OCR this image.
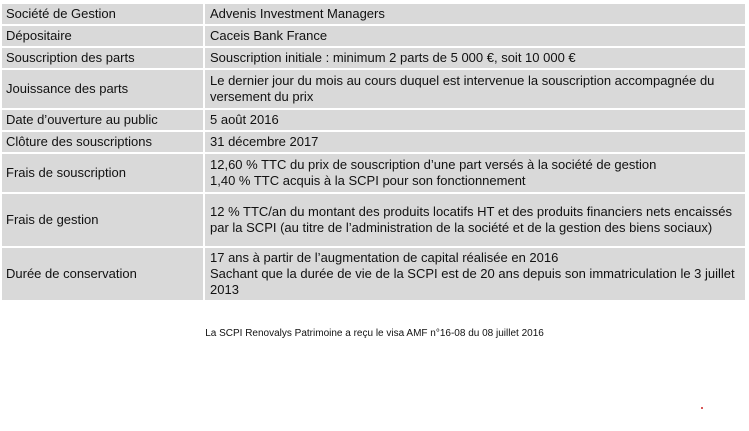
Société de Gestion	Advenis Investment Managers
Dépositaire	Caceis Bank France
Souscription des parts	Souscription initiale : minimum 2 parts de 5 000 €, soit 10 000 €
Jouissance des parts	Le dernier jour du mois au cours duquel est intervenue la souscription accompagnée du versement du prix
Date d’ouverture au public	5 août 2016
Clôture des souscriptions	31 décembre 2017
Frais de souscription	12,60 % TTC du prix de souscription d’une part versés à la société de gestion
1,40 % TTC acquis à la SCPI pour son fonctionnement
Frais de gestion	12 % TTC/an du montant des produits locatifs HT et des produits financiers nets encaissés par la SCPI (au titre de l’administration de la société et de la gestion des biens sociaux)
Durée de conservation	17 ans à partir de l’augmentation de capital réalisée en 2016
Sachant que la durée de vie de la SCPI est de 20 ans depuis son immatriculation le 3 juillet 2013
La SCPI Renovalys Patrimoine a reçu le visa AMF n°16-08 du 08 juillet 2016
